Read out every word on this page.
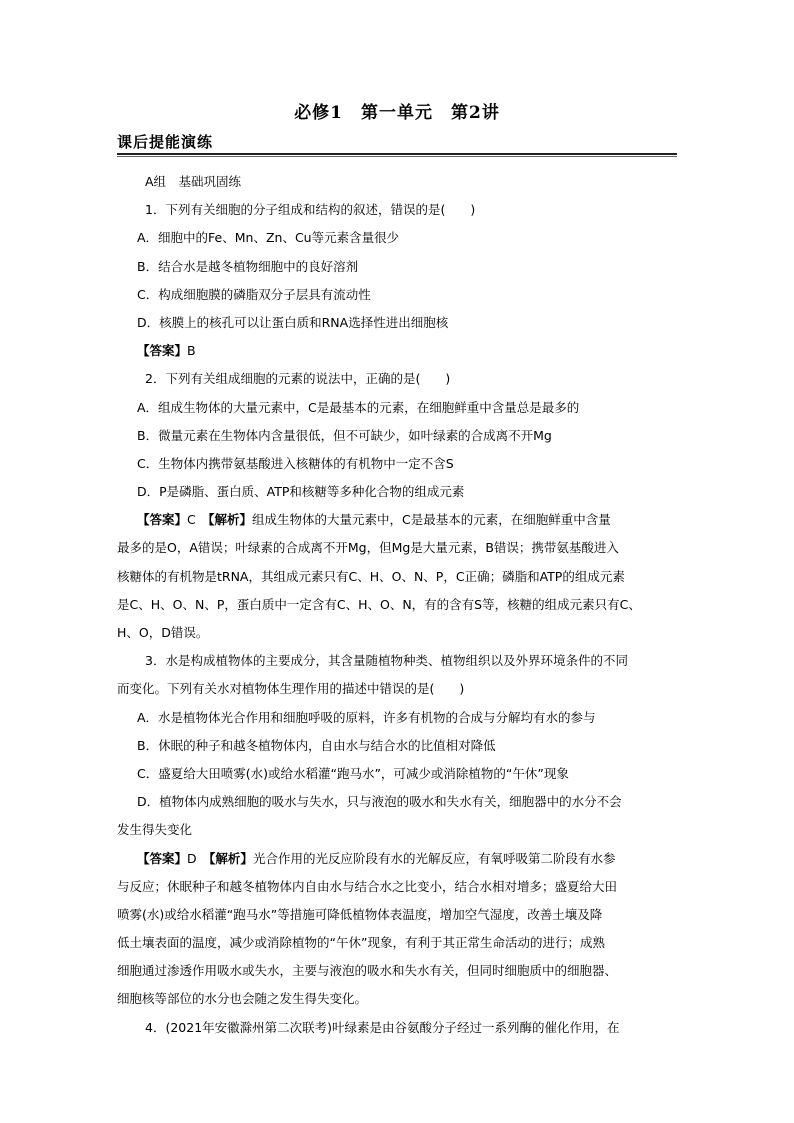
必修1　第一单元　第2讲
课后提能演练
A组　基础巩固练
1．下列有关细胞的分子组成和结构的叙述，错误的是(　　)
A．细胞中的Fe、Mn、Zn、Cu等元素含量很少
B．结合水是越冬植物细胞中的良好溶剂
C．构成细胞膜的磷脂双分子层具有流动性
D．核膜上的核孔可以让蛋白质和RNA选择性进出细胞核
【答案】B
2．下列有关组成细胞的元素的说法中，正确的是(　　)
A．组成生物体的大量元素中，C是最基本的元素，在细胞鲜重中含量总是最多的
B．微量元素在生物体内含量很低，但不可缺少，如叶绿素的合成离不开Mg
C．生物体内携带氨基酸进入核糖体的有机物中一定不含S
D．P是磷脂、蛋白质、ATP和核糖等多种化合物的组成元素
【答案】C　 【解析】组成生物体的大量元素中，C是最基本的元素，在细胞鲜重中含量
最多的是O，A错误；叶绿素的合成离不开Mg，但Mg是大量元素，B错误；携带氨基酸进入
核糖体的有机物是tRNA，其组成元素只有C、H、O、N、P，C正确；磷脂和ATP的组成元素
是C、H、O、N、P，蛋白质中一定含有C、H、O、N，有的含有S等，核糖的组成元素只有C、
H、O，D错误。
3．水是构成植物体的主要成分，其含量随植物种类、植物组织以及外界环境条件的不同
而变化。下列有关水对植物体生理作用的描述中错误的是(　　)
A．水是植物体光合作用和细胞呼吸的原料，许多有机物的合成与分解均有水的参与
B．休眠的种子和越冬植物体内，自由水与结合水的比值相对降低
C．盛夏给大田喷雾(水)或给水稻灌“跑马水”，可减少或消除植物的“午休”现象
D．植物体内成熟细胞的吸水与失水，只与液泡的吸水和失水有关，细胞器中的水分不会
发生得失变化
【答案】D　 【解析】光合作用的光反应阶段有水的光解反应，有氧呼吸第二阶段有水参
与反应；休眠种子和越冬植物体内自由水与结合水之比变小，结合水相对增多；盛夏给大田
喷雾(水)或给水稻灌“跑马水”等措施可降低植物体表温度，增加空气湿度，改善土壤及降
低土壤表面的温度，减少或消除植物的“午休”现象，有利于其正常生命活动的进行；成熟
细胞通过渗透作用吸水或失水，主要与液泡的吸水和失水有关，但同时细胞质中的细胞器、
细胞核等部位的水分也会随之发生得失变化。
4．(2021年安徽滁州第二次联考)叶绿素是由谷氨酸分子经过一系列酶的催化作用，在
